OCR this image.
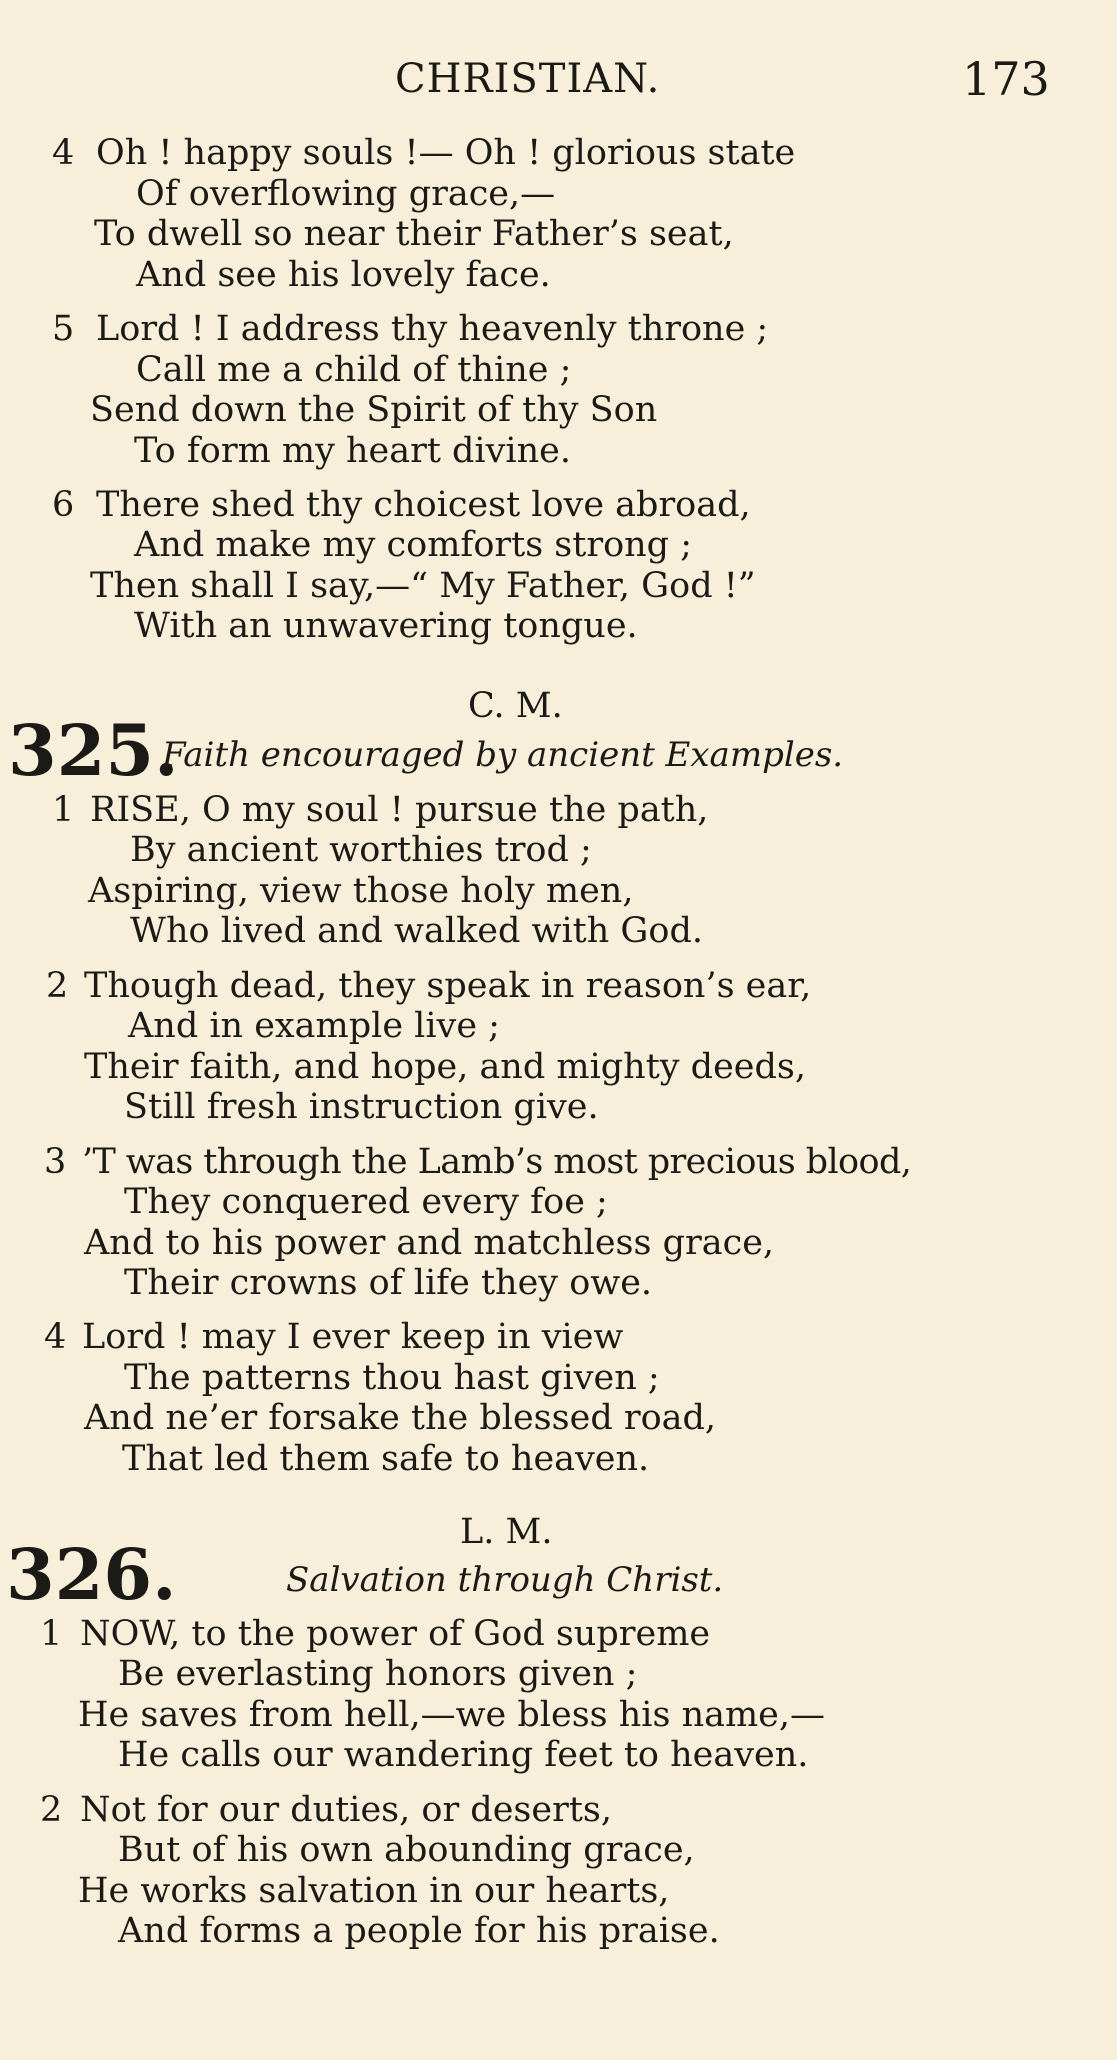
CHRISTIAN.	173
4 Oh ! happy souls !— Oh ! glorious state
Of overflowing grace,—
To dwell so near their Father’s seat,
And see his lovely face.
5 Lord ! I address thy heavenly throne ;
Call me a child of thine ;
Send down the Spirit of thy Son
To form my heart divine.
6 There shed thy choicest love abroad,
And make my comforts strong ;
Then shall I say,—“ My Father, God !”
With an unwavering tongue.
C. M.
325.
Faith encouraged by ancient Examples.
1 RISE, O my soul ! pursue the path,
By ancient worthies trod ;
Aspiring, view those holy men,
Who lived and walked with God.
2 Though dead, they speak in reason’s ear,
And in example live ;
Their faith, and hope, and mighty deeds,
Still fresh instruction give.
3 ’T was through the Lamb’s most precious blood,
They conquered every foe ;
And to his power and matchless grace,
Their crowns of life they owe.
4 Lord ! may I ever keep in view
The patterns thou hast given ;
And ne’er forsake the blessed road,
That led them safe to heaven.
L. M.
326.	Salvation through Christ.
1 NOW, to the power of God supreme
Be everlasting honors given ;
He saves from hell,—we bless his name,—
He calls our wandering feet to heaven.
2 Not for our duties, or deserts,
But of his own abounding grace,
He works salvation in our hearts,
And forms a people for his praise.
